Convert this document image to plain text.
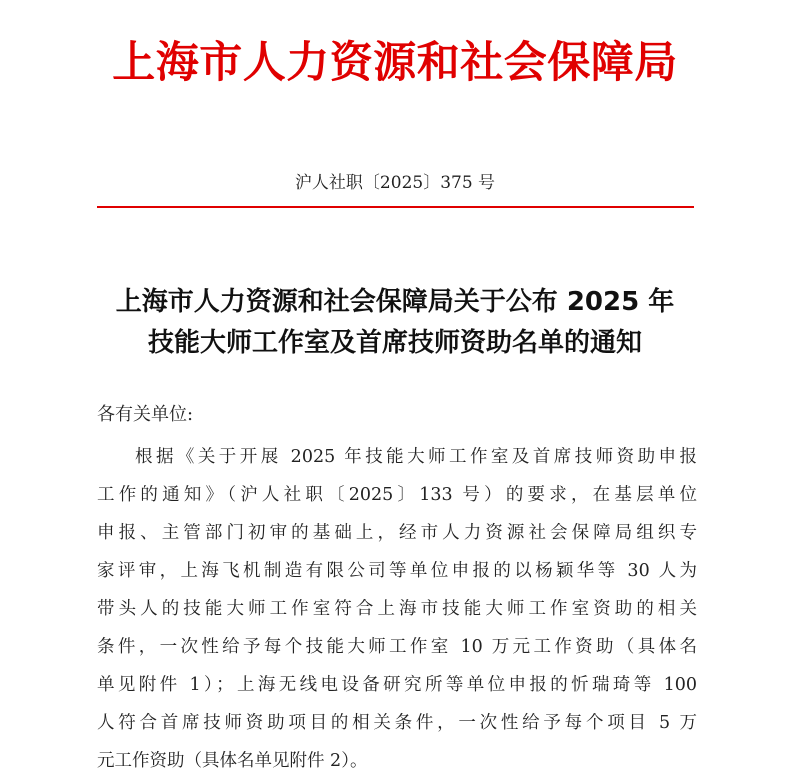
上海市人力资源和社会保障局
沪人社职〔2025〕375 号
上海市人力资源和社会保障局关于公布 2025 年
技能大师工作室及首席技师资助名单的通知
各有关单位:
根据《关于开展 2025 年技能大师工作室及首席技师资助申报
工作的通知》（沪人社职〔2025〕133 号）的要求，在基层单位
申报、主管部门初审的基础上，经市人力资源社会保障局组织专
家评审，上海飞机制造有限公司等单位申报的以杨颖华等 30 人为
带头人的技能大师工作室符合上海市技能大师工作室资助的相关
条件，一次性给予每个技能大师工作室 10 万元工作资助（具体名
单见附件 1）；上海无线电设备研究所等单位申报的忻瑞琦等 100
人符合首席技师资助项目的相关条件，一次性给予每个项目 5 万
元工作资助（具体名单见附件 2）。
